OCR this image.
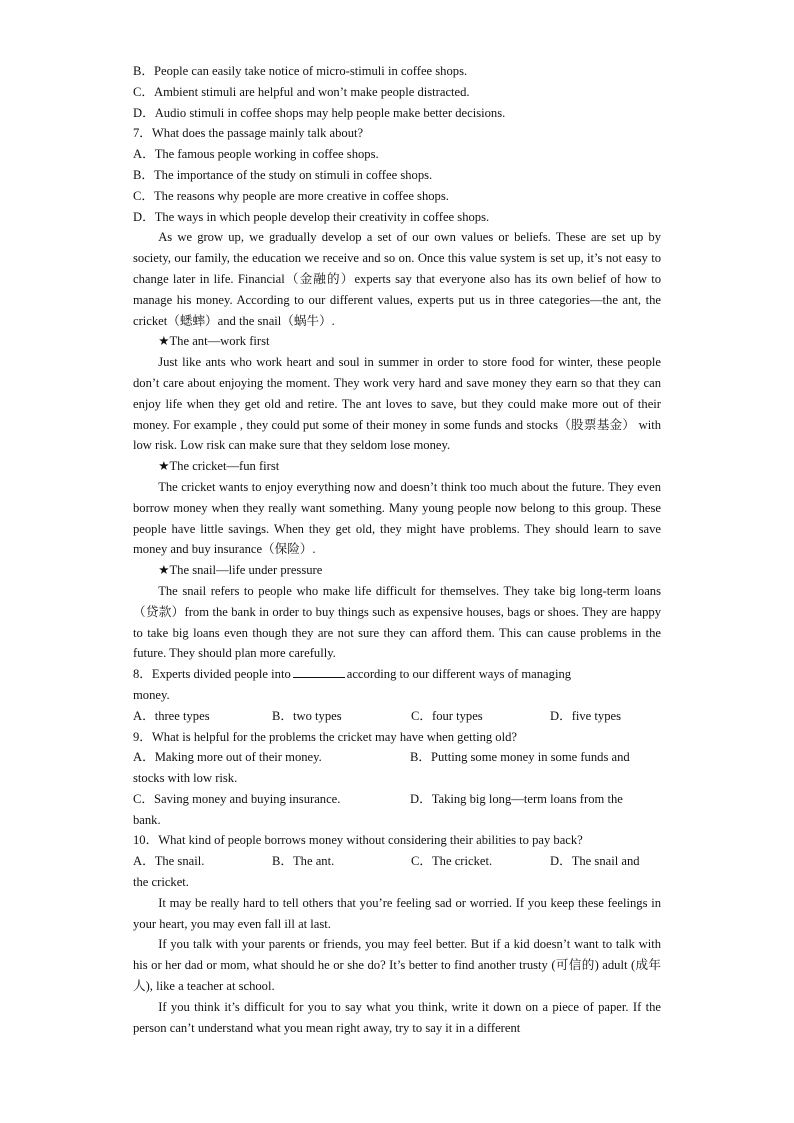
B．People can easily take notice of micro-stimuli in coffee shops.
C．Ambient stimuli are helpful and won’t make people distracted.
D．Audio stimuli in coffee shops may help people make better decisions.
7．What does the passage mainly talk about?
A．The famous people working in coffee shops.
B．The importance of the study on stimuli in coffee shops.
C．The reasons why people are more creative in coffee shops.
D．The ways in which people develop their creativity in coffee shops.

As we grow up, we gradually develop a set of our own values or beliefs. These are set up by society, our family, the education we receive and so on. Once this value system is set up, it’s not easy to change later in life. Financial（金融的）experts say that everyone also has its own belief of how to manage his money. According to our different values, experts put us in three categories—the ant, the cricket（蟋蟀）and the snail（蜗牛）.

★The ant—work first

Just like ants who work heart and soul in summer in order to store food for winter, these people don’t care about enjoying the moment. They work very hard and save money they earn so that they can enjoy life when they get old and retire. The ant loves to save, but they could make more out of their money. For example , they could put some of their money in some funds and stocks（股票基金） with low risk. Low risk can make sure that they seldom lose money.

★The cricket—fun first

The cricket wants to enjoy everything now and doesn’t think too much about the future. They even borrow money when they really want something. Many young people now belong to this group. These people have little savings. When they get old, they might have problems. They should learn to save money and buy insurance（保险）.

★The snail—life under pressure

The snail refers to people who make life difficult for themselves. They take big long-term loans（贷款）from the bank in order to buy things such as expensive houses, bags or shoes. They are happy to take big loans even though they are not sure they can afford them. This can cause problems in the future. They should plan more carefully.

8．Experts divided people into	according to our different ways of managing
money.
A．three types	B．two types	C．four types	D．five types
9．What is helpful for the problems the cricket may have when getting old?
A．Making more out of their money.	B．Putting some money in some funds and
stocks with low risk.
C．Saving money and buying insurance.	D．Taking big long—term loans from the
bank.
10．What kind of people borrows money without considering their abilities to pay back?
A．The snail.	B．The ant.	C．The cricket.	D．The snail and
the cricket.

It may be really hard to tell others that you’re feeling sad or worried. If you keep these feelings in your heart, you may even fall ill at last.

If you talk with your parents or friends, you may feel better. But if a kid doesn’t want to talk with his or her dad or mom, what should he or she do? It’s better to find another trusty (可信的) adult (成年人), like a teacher at school.

If you think it’s difficult for you to say what you think, write it down on a piece of paper. If the person can’t understand what you mean right away, try to say it in a different
